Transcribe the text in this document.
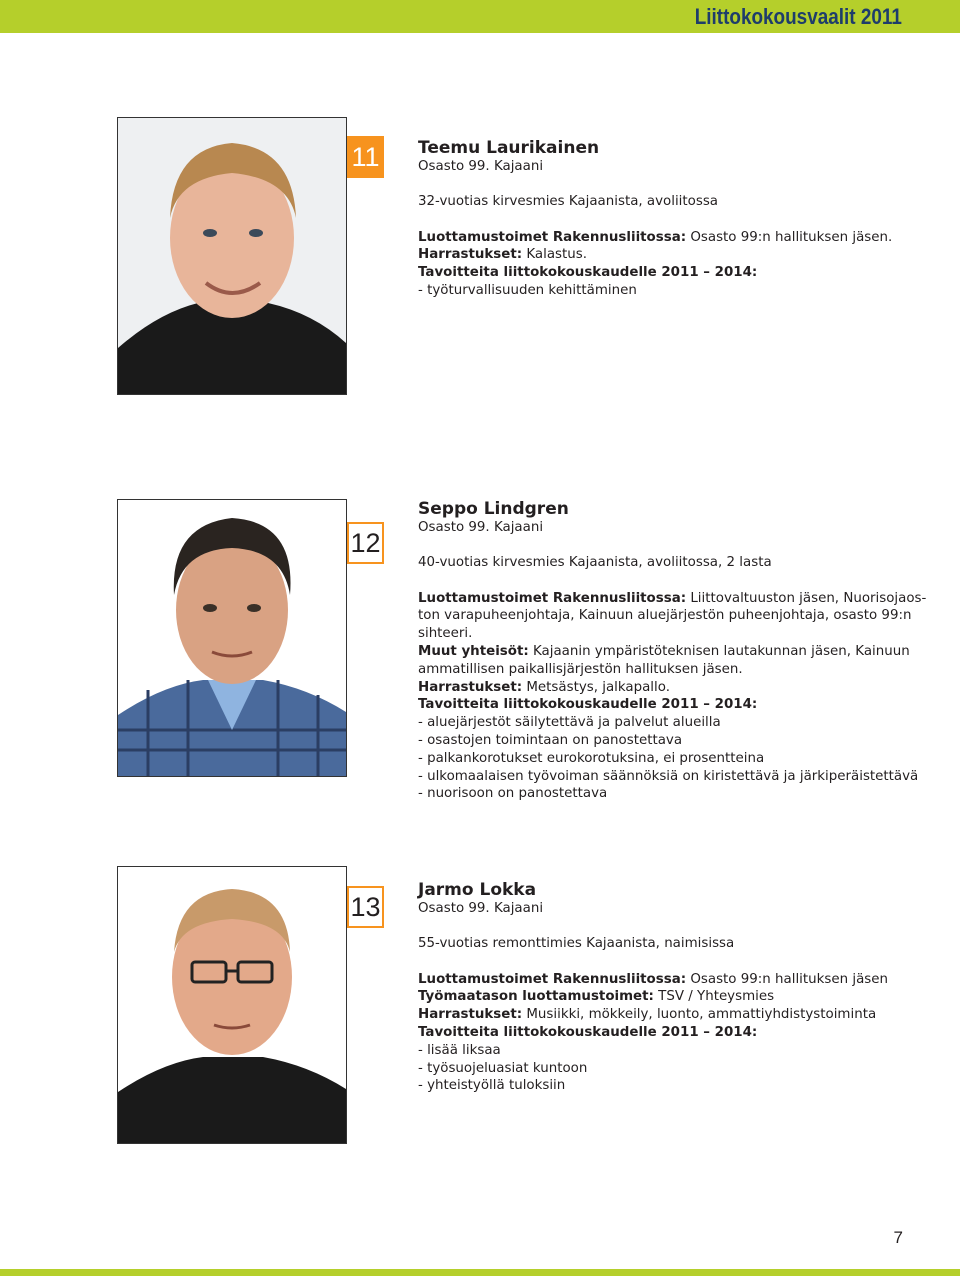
Liittokokousvaalit 2011
11 Teemu Laurikainen
Osasto 99. Kajaani
32-vuotias kirvesmies Kajaanista, avoliitossa
Luottamustoimet Rakennusliitossa: Osasto 99:n hallituksen jäsen.
Harrastukset: Kalastus.
Tavoitteita liittokokouskaudelle 2011 – 2014:
- työturvallisuuden kehittäminen
12
Seppo Lindgren
Osasto 99. Kajaani
40-vuotias kirvesmies Kajaanista, avoliitossa, 2 lasta
Luottamustoimet Rakennusliitossa: Liittovaltuuston jäsen, Nuorisojaos-
ton varapuheenjohtaja, Kainuun aluejärjestön puheenjohtaja, osasto 99:n
sihteeri.
Muut yhteisöt: Kajaanin ympäristöteknisen lautakunnan jäsen, Kainuun
ammatillisen paikallisjärjestön hallituksen jäsen.
Harrastukset: Metsästys, jalkapallo.
Tavoitteita liittokokouskaudelle 2011 – 2014:
- aluejärjestöt säilytettävä ja palvelut alueilla
- osastojen toimintaan on panostettava
- palkankorotukset eurokorotuksina, ei prosentteina
- ulkomaalaisen työvoiman säännöksiä on kiristettävä ja järkiperäistettävä
- nuorisoon on panostettava
13
Jarmo Lokka
Osasto 99. Kajaani
55-vuotias remonttimies Kajaanista, naimisissa
Luottamustoimet Rakennusliitossa: Osasto 99:n hallituksen jäsen
Työmaatason luottamustoimet: TSV / Yhteysmies
Harrastukset: Musiikki, mökkeily, luonto, ammattiyhdistystoiminta
Tavoitteita liittokokouskaudelle 2011 – 2014:
- lisää liksaa
- työsuojeluasiat kuntoon
- yhteistyöllä tuloksiin
7
